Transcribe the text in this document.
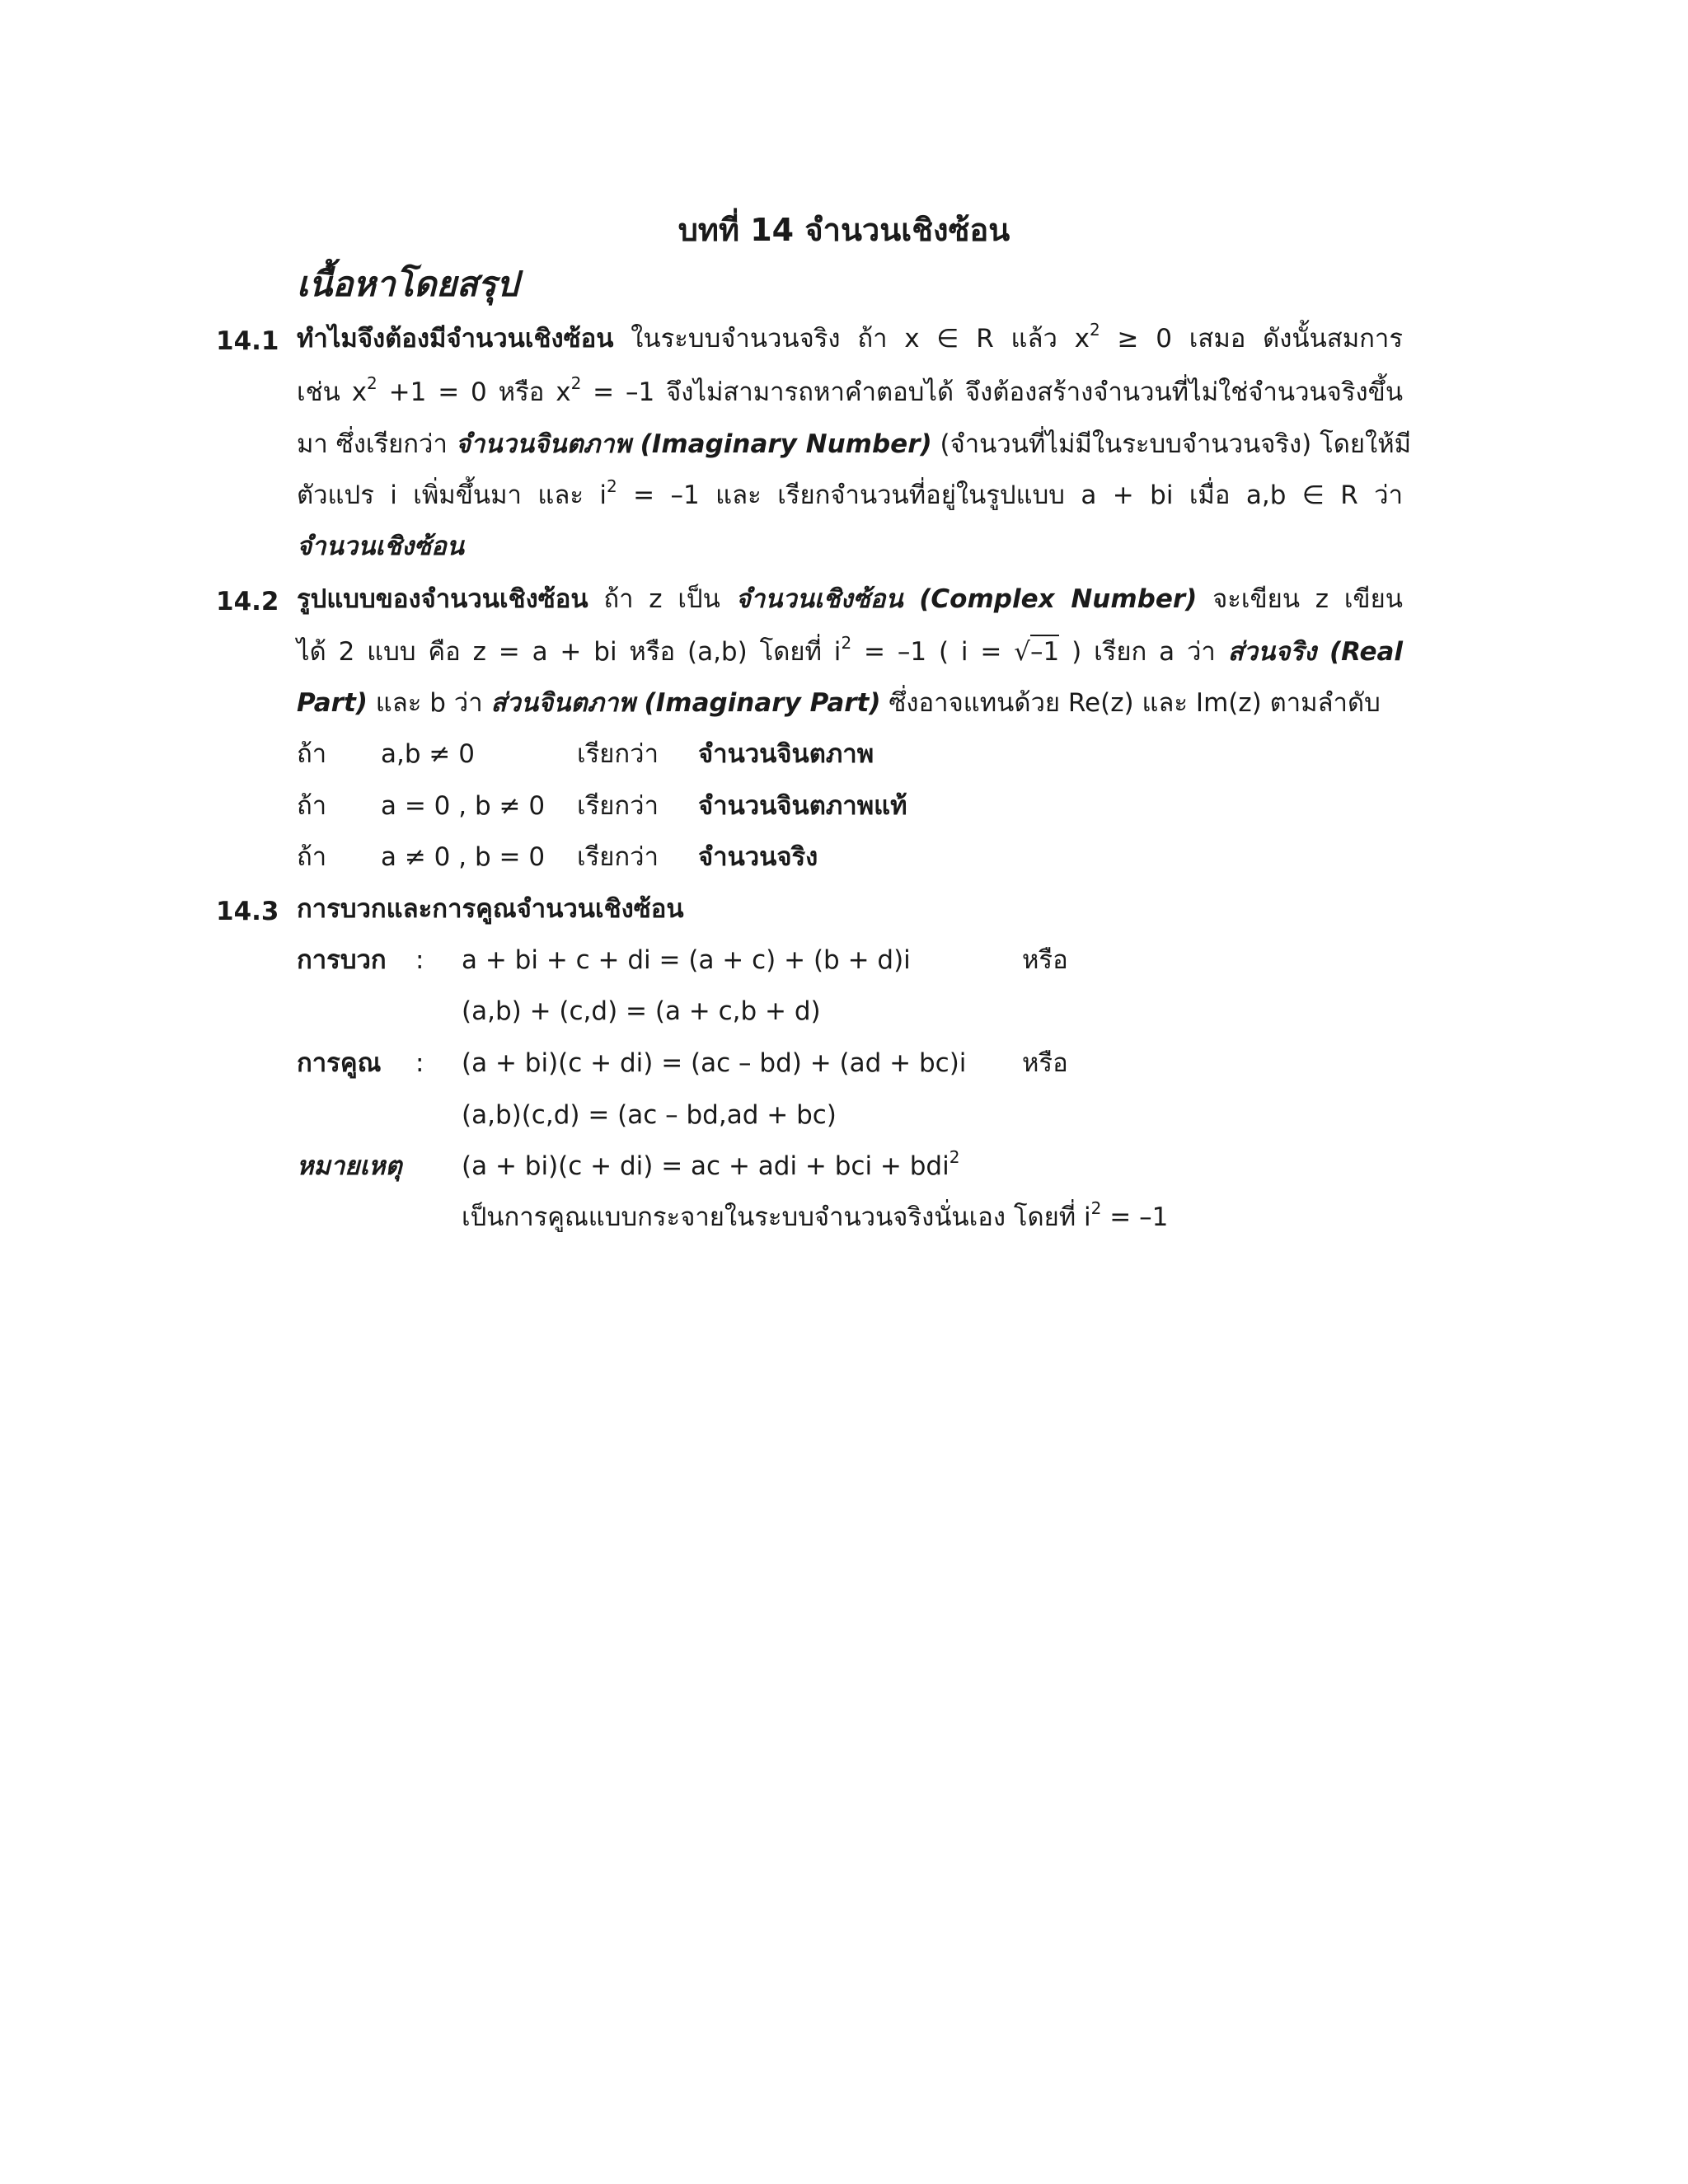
บทที่ 14 จำนวนเชิงซ้อน
เนื้อหาโดยสรุป
14.1 ทำไมจึงต้องมีจำนวนเชิงซ้อน ในระบบจำนวนจริง ถ้า x ∈ R แล้ว $x^2 \ge 0$ เสมอ ดังนั้นสมการ
เช่น $x^2 +1 = 0$ หรือ $x^2 = -1$ จึงไม่สามารถหาคำตอบได้ จึงต้องสร้างจำนวนที่ไม่ใช่จำนวนจริงขึ้น
มา ซึ่งเรียกว่า จำนวนจินตภาพ (Imaginary Number) (จำนวนที่ไม่มีในระบบจำนวนจริง) โดยให้มี
ตัวแปร i เพิ่มขึ้นมา และ $i^2 = -1$ และ เรียกจำนวนที่อยู่ในรูปแบบ a + bi เมื่อ a,b ∈ R ว่า
จำนวนเชิงซ้อน
14.2 รูปแบบของจำนวนเชิงซ้อน ถ้า z เป็น จำนวนเชิงซ้อน (Complex Number) จะเขียน z เขียน
ได้ 2 แบบ คือ z = a + bi หรือ (a,b) โดยที่ $i^2 = -1$ ( i = √–1 ) เรียก a ว่า ส่วนจริง (Real
Part) และ b ว่า ส่วนจินตภาพ (Imaginary Part) ซึ่งอาจแทนด้วย Re(z) และ Im(z) ตามลำดับ
ถ้า a,b ≠ 0	เรียกว่า จำนวนจินตภาพ
ถ้า a = 0 , b ≠ 0 เรียกว่า จำนวนจินตภาพแท้
ถ้า a ≠ 0 , b = 0 เรียกว่า จำนวนจริง
14.3 การบวกและการคูณจำนวนเชิงซ้อน
การบวก : a + bi + c + di = (a + c) + (b + d)i	หรือ
(a,b) + (c,d) = (a + c,b + d)
การคูณ : (a + bi)(c + di) = (ac – bd) + (ad + bc)i หรือ
(a,b)(c,d) = (ac – bd,ad + bc)
หมายเหตุ (a + bi)(c + di) = ac + adi + bci + bdi$^2$
เป็นการคูณแบบกระจายในระบบจำนวนจริงนั่นเอง โดยที่ $i^2 = -1$
